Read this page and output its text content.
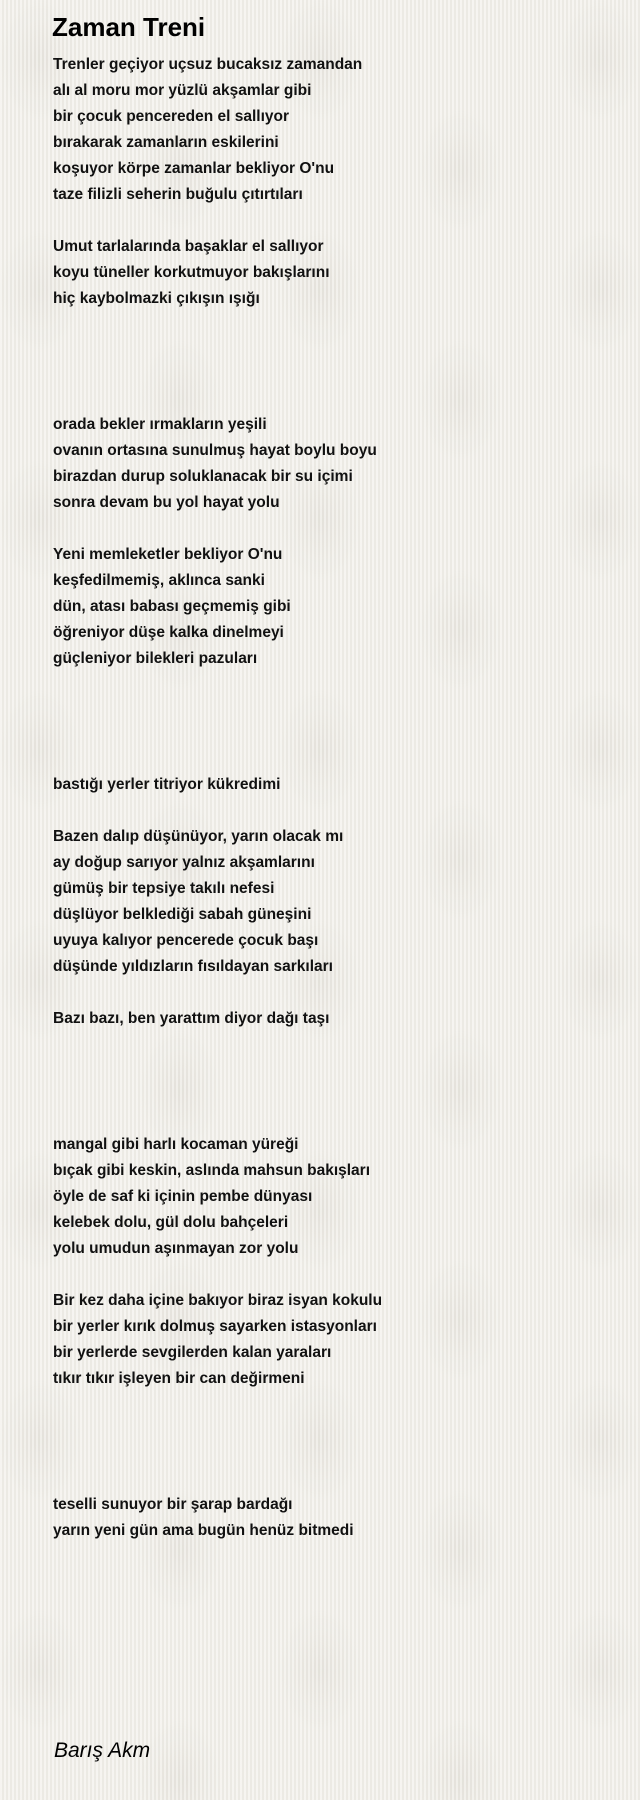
Zaman Treni
Trenler geçiyor uçsuz bucaksız zamandan
alı al moru mor yüzlü akşamlar gibi
bir çocuk pencereden el sallıyor
bırakarak zamanların eskilerini
koşuyor körpe zamanlar bekliyor O'nu
taze filizli seherin buğulu çıtırtıları
Umut tarlalarında başaklar el sallıyor
koyu tüneller korkutmuyor bakışlarını
hiç kaybolmazki çıkışın ışığı
orada bekler ırmakların yeşili
ovanın ortasına sunulmuş hayat boylu boyu
birazdan durup soluklanacak bir su içimi
sonra devam bu yol hayat yolu
Yeni memleketler bekliyor O'nu
keşfedilmemiş, aklınca sanki
dün, atası babası geçmemiş gibi
öğreniyor düşe kalka dinelmeyi
güçleniyor bilekleri pazuları
bastığı yerler titriyor kükredimi
Bazen dalıp düşünüyor, yarın olacak mı
ay doğup sarıyor yalnız akşamlarını
gümüş bir tepsiye takılı nefesi
düşlüyor belklediği sabah güneşini
uyuya kalıyor pencerede çocuk başı
düşünde yıldızların fısıldayan sarkıları
Bazı bazı, ben yarattım diyor dağı taşı
mangal gibi harlı kocaman yüreği
bıçak gibi keskin, aslında mahsun bakışları
öyle de saf ki içinin pembe dünyası
kelebek dolu, gül dolu bahçeleri
yolu umudun aşınmayan zor yolu
Bir kez daha içine bakıyor biraz isyan kokulu
bir yerler kırık dolmuş sayarken istasyonları
bir yerlerde sevgilerden kalan yaraları
tıkır tıkır işleyen bir can değirmeni
teselli sunuyor bir şarap bardağı
yarın yeni gün ama bugün henüz bitmedi

Barış Akm
